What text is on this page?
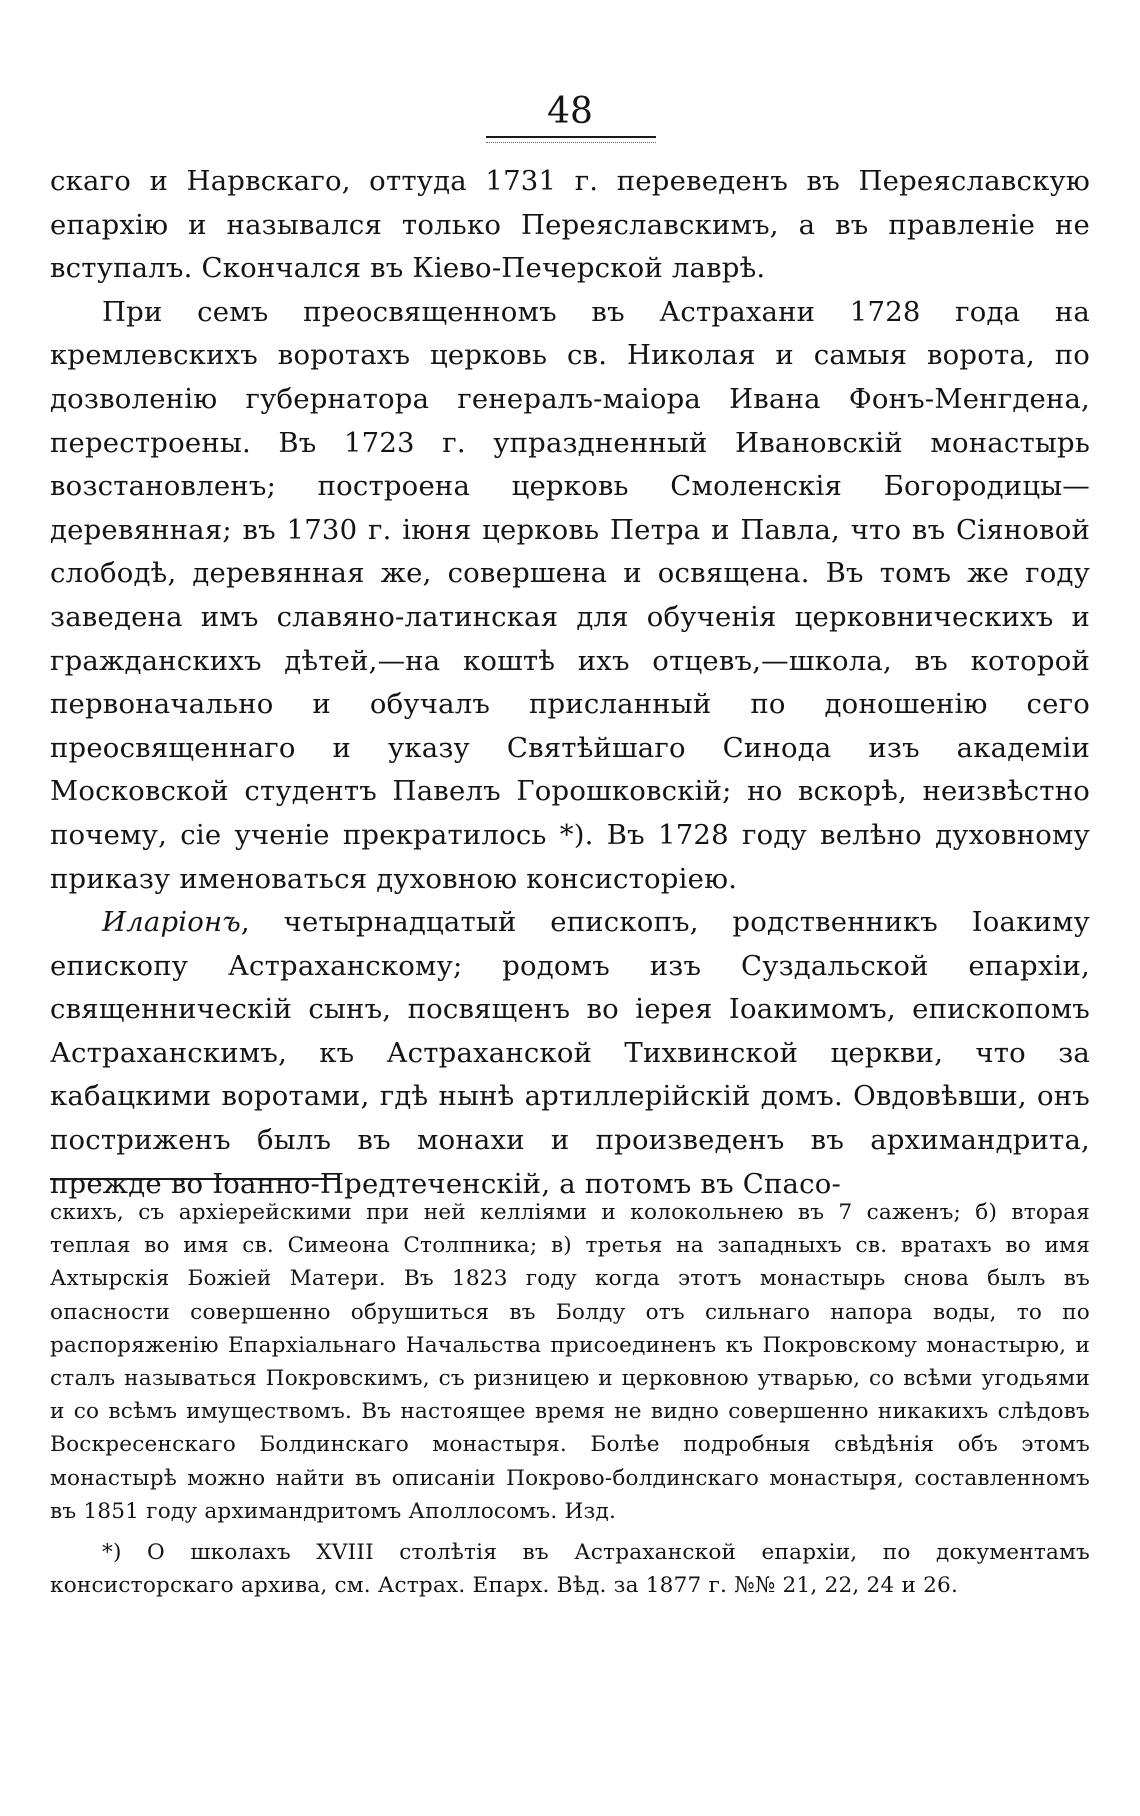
48

скаго и Нарвскаго, оттуда 1731 г. переведенъ въ Переяславскую епархію и назывался только Переяславскимъ, а въ правленіе не вступалъ. Скончался въ Кіево-Печерской лаврѣ.

При семъ преосвященномъ въ Астрахани 1728 года на кремлевскихъ воротахъ церковь св. Николая и самыя ворота, по дозволенію губернатора генералъ-маіора Ивана Фонъ-Менгдена, перестроены. Въ 1723 г. упраздненный Ивановскій монастырь возстановленъ; построена церковь Смоленскія Богородицы—деревянная; въ 1730 г. іюня церковь Петра и Павла, что въ Сіяновой слободѣ, деревянная же, совершена и освящена. Въ томъ же году заведена имъ славяно-латинская для обученія церковническихъ и гражданскихъ дѣтей,—на коштѣ ихъ отцевъ,—школа, въ которой первоначально и обучалъ присланный по доношенію сего преосвященнаго и указу Святѣйшаго Синода изъ академіи Московской студентъ Павелъ Горошковскій; но вскорѣ, неизвѣстно почему, сіе ученіе прекратилось *). Въ 1728 году велѣно духовному приказу именоваться духовною консисторіею.

Иларіонъ, четырнадцатый епископъ, родственникъ Іоакиму епископу Астраханскому; родомъ изъ Суздальской епархіи, священническій сынъ, посвященъ во іерея Іоакимомъ, епископомъ Астраханскимъ, къ Астраханской Тихвинской церкви, что за кабацкими воротами, гдѣ нынѣ артиллерійскій домъ. Овдовѣвши, онъ постриженъ былъ въ монахи и произведенъ въ архимандрита, прежде во Іоанно-Предтеченскій, а потомъ въ Спасо-

скихъ, съ архіерейскими при ней келліями и колокольнею въ 7 саженъ; б) вторая теплая во имя св. Симеона Столпника; в) третья на западныхъ св. вратахъ во имя Ахтырскія Божіей Матери. Въ 1823 году когда этотъ монастырь снова былъ въ опасности совершенно обрушиться въ Болду отъ сильнаго напора воды, то по распоряженію Епархіальнаго Начальства присоединенъ къ Покровскому монастырю, и сталъ называться Покровскимъ, съ ризницею и церковною утварью, со всѣми угодьями и со всѣмъ имуществомъ. Въ настоящее время не видно совершенно никакихъ слѣдовъ Воскресенскаго Болдинскаго монастыря. Болѣе подробныя свѣдѣнія объ этомъ монастырѣ можно найти въ описаніи Покрово-болдинскаго монастыря, составленномъ въ 1851 году архимандритомъ Аполлосомъ. Изд.

*) О школахъ XVIII столѣтія въ Астраханской епархіи, по документамъ консисторскаго архива, см. Астрах. Епарх. Вѣд. за 1877 г. №№ 21, 22, 24 и 26.
